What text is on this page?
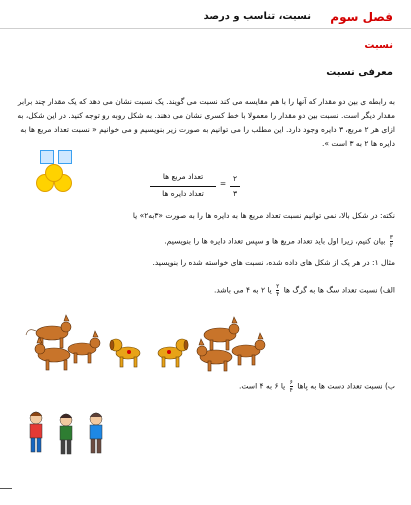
فصل سوم
نسبت، تناسب و درصد
نسبت
معرفی نسبت
به رابطه ی بین دو مقدار که آنها را با هم مقایسه می کند نسبت می گویند. یک نسبت نشان می دهد که یک مقدار چند برابر مقدار دیگر است. نسبت بین دو مقدار را معمولا با خط کسری نشان می دهند. به شکل روبه رو توجه کنید. در این شکل، به ازای هر ۲ مربع، ۳ دایره وجود دارد. این مطلب را می توانیم به صورت زیر بنویسیم و می خوانیم « نسبت تعداد مربع ها به دایره ها ۲ به ۳ است ».
تعداد مربع ها
تعداد دایره ها
=
۲
۳
نکته: در شکل بالا، نمی توانیم نسبت تعداد مربع ها به دایره ها را به صورت «۳به۲» یا
$\frac{۳}{۲}$
بیان کنیم، زیرا اول باید تعداد مربع ها و سپس تعداد دایره ها را بنویسیم.
مثال ۱: در هر یک از شکل های داده شده، نسبت های خواسته شده را بنویسید.
الف) نسبت تعداد سگ ها به گرگ ها
$\frac{۲}{۴}$
یا ۲ به ۴ می باشد.
ب) نسبت تعداد دست ها به پاها
$\frac{۶}{۴}$
یا ۶ به ۴ است.
